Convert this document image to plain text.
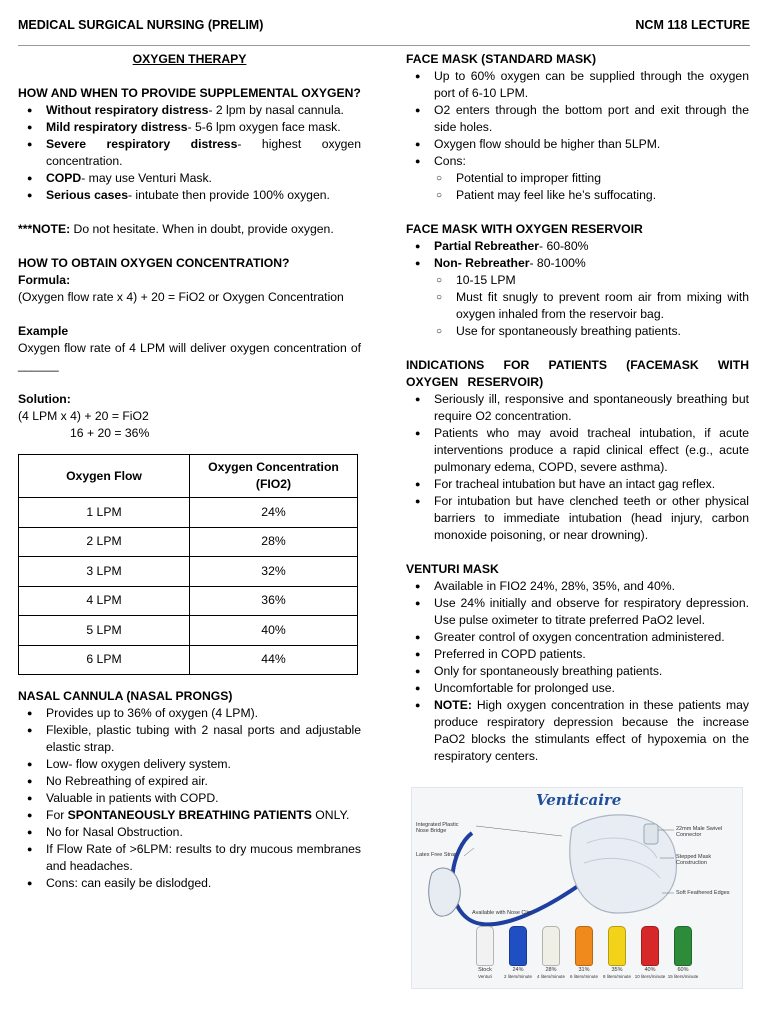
MEDICAL SURGICAL NURSING (PRELIM)	NCM 118 LECTURE
OXYGEN THERAPY
HOW AND WHEN TO PROVIDE SUPPLEMENTAL OXYGEN?
● Without respiratory distress- 2 lpm by nasal cannula.
● Mild respiratory distress- 5-6 lpm oxygen face mask.
● Severe respiratory distress- highest oxygen concentration.
● COPD- may use Venturi Mask.
● Serious cases- intubate then provide 100% oxygen.
***NOTE: Do not hesitate. When in doubt, provide oxygen.
HOW TO OBTAIN OXYGEN CONCENTRATION?
Formula:
(Oxygen flow rate x 4) + 20 = FiO2 or Oxygen Concentration
Example
Oxygen flow rate of 4 LPM will deliver oxygen concentration of ______
Solution:
(4 LPM x 4) + 20 = FiO2
16 + 20 = 36%
Oxygen Flow	Oxygen Concentration (FIO2)
1 LPM	24%
2 LPM	28%
3 LPM	32%
4 LPM	36%
5 LPM	40%
6 LPM	44%
NASAL CANNULA (NASAL PRONGS)
● Provides up to 36% of oxygen (4 LPM).
● Flexible, plastic tubing with 2 nasal ports and adjustable elastic strap.
● Low- flow oxygen delivery system.
● No Rebreathing of expired air.
● Valuable in patients with COPD.
● For SPONTANEOUSLY BREATHING PATIENTS ONLY.
● No for Nasal Obstruction.
● If Flow Rate of >6LPM: results to dry mucous membranes and headaches.
● Cons: can easily be dislodged.
FACE MASK (STANDARD MASK)
● Up to 60% oxygen can be supplied through the oxygen port of 6-10 LPM.
● O2 enters through the bottom port and exit through the side holes.
● Oxygen flow should be higher than 5LPM.
● Cons:
○ Potential to improper fitting
○ Patient may feel like he’s suffocating.
FACE MASK WITH OXYGEN RESERVOIR
● Partial Rebreather- 60-80%
● Non- Rebreather- 80-100%
○ 10-15 LPM
○ Must fit snugly to prevent room air from mixing with oxygen inhaled from the reservoir bag.
○ Use for spontaneously breathing patients.
INDICATIONS FOR PATIENTS (FACEMASK WITH OXYGEN RESERVOIR)
● Seriously ill, responsive and spontaneously breathing but require O2 concentration.
● Patients who may avoid tracheal intubation, if acute interventions produce a rapid clinical effect (e.g., acute pulmonary edema, COPD, severe asthma).
● For tracheal intubation but have an intact gag reflex.
● For intubation but have clenched teeth or other physical barriers to immediate intubation (head injury, carbon monoxide poisoning, or near drowning).
VENTURI MASK
● Available in FIO2 24%, 28%, 35%, and 40%.
● Use 24% initially and observe for respiratory depression. Use pulse oximeter to titrate preferred PaO2 level.
● Greater control of oxygen concentration administered.
● Preferred in COPD patients.
● Only for spontaneously breathing patients.
● Uncomfortable for prolonged use.
● NOTE: High oxygen concentration in these patients may produce respiratory depression because the increase PaO2 blocks the stimulants effect of hypoxemia on the respiratory centers.
Venticaire
Integrated Plastic Nose Bridge
Latex Free Strap
22mm Male Swivel Connector
Stepped Mask Construction
Soft Feathered Edges
Available with Nose Clip
Stock
Venturi
24%
2 liters/minute
28%
4 liters/minute
31%
6 liters/minute
35%
8 liters/minute
40%
10 liters/minute
60%
15 liters/minute
